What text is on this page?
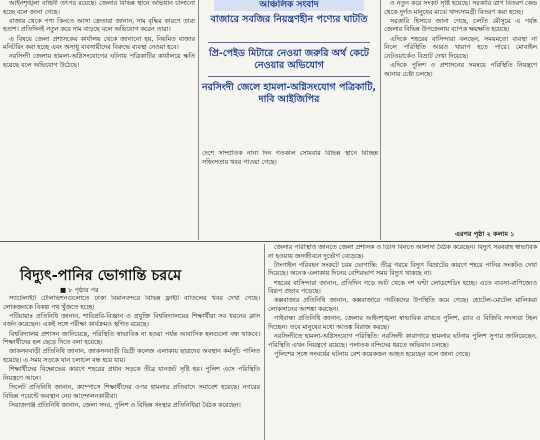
আইনশৃঙ্খলা বাহিনী তৎপর রয়েছে। জেলার বিভিন্ন স্থানে অভিযান চালানো হচ্ছে বলে জানা গেছে।

বাজার থেকে পণ্য কিনতে আসা ক্রেতারা জানান, দাম বৃদ্ধির কারণে তারা হতাশ। প্রতিদিনই নতুন করে দাম বাড়ছে বলে অভিযোগ করেন তারা।

এ বিষয়ে জেলা প্রশাসকের কার্যালয় থেকে জানানো হয়, নিয়মিত বাজার মনিটরিং করা হচ্ছে এবং অসাধু ব্যবসায়ীদের বিরুদ্ধে ব্যবস্থা নেওয়া হবে।

নরসিংদী জেলায় হামলা-অগ্নিসংযোগের ঘটনায় পত্রিকাটির কার্যালয়ে ক্ষতি হয়েছে বলে অভিযোগ উঠেছে।

আঞ্চলিক সংবাদ
বাজারে সবজির নিয়ন্ত্রণহীন পণ্যের ঘাটতি
প্রি-পেইড মিটারে নেওয়া জরুরি অর্থ কেটে নেওয়ার অভিযোগ
নরসিংদী জেলে হামলা-অগ্নিসংযোগ পত্রিকাটি, দাবি আইজিপির

দেশে সাম্প্রতিক নানা দিন গতকাল সোমবার বিভিন্ন স্থানে বিচ্ছিন্ন সহিংসতার খবর পাওয়া গেছে।

ও নতুন করে সংকট সৃষ্টি হয়েছে। সরকারি ত্রাণ বিতরণ কেন্দ্র থেকে দুর্গত মানুষের মাঝে খাদ্যসামগ্রী বিতরণ করা হচ্ছে।

সরকারি হিসাবে জানা গেছে, চলতি মৌসুমে এ পর্যন্ত জেলার বিভিন্ন উপজেলায় ব্যাপক ক্ষয়ক্ষতি হয়েছে।

এদিকে শহরের বাসিন্দারা বলছেন, সময়মতো ব্যবস্থা না নিলে পরিস্থিতি আরও খারাপ হতে পারে। মোবাইল নেটওয়ার্কেও বিভ্রাট দেখা দিয়েছে।

এদিকে পুলিশ ও প্রশাসনের সমন্বয়ে পরিস্থিতি নিয়ন্ত্রণে আনার চেষ্টা চলছে।

এরপর পৃষ্ঠা ২ কলাম ১
বিদ্যুৎ-পানির ভোগান্তি চরমে
■ ৮ পৃষ্ঠার পর

স্যাটেলাইট টেলিভিশনগুলোতে ঢাকা বিমানবন্দরে বিভিন্ন ফ্লাইট বাতিলের খবর দেখা গেছে। লোকজনকে বিকল্প পথ খুঁজতে হচ্ছে।

পটিয়ায়াঃ প্রতিনিধি জানান, শাবিপ্রবি-বিজ্ঞান ও প্রযুক্তি বিশ্ববিদ্যালয়ের শিক্ষার্থীরা সব ধরনের ক্লাস বর্জন করেছেন। একই সঙ্গে পরীক্ষা কার্যক্রমও স্থগিত রয়েছে।

বিশ্ববিদ্যালয় প্রশাসন জানিয়েছে, পরিস্থিতি স্বাভাবিক না হওয়া পর্যন্ত আবাসিক হলগুলো বন্ধ থাকবে। শিক্ষার্থীদের হল ছেড়ে দিতে বলা হয়েছে।

জাকসনবাড়ী প্রতিনিধি জানান, জাকসনবাড়ী ডিগ্রী কলেজ এলাকায় ছাত্রদের অবস্থান কর্মসূচি পালিত হয়েছে। এ সময় সড়কে যান চলাচল বন্ধ হয়ে যায়।

শিক্ষার্থীদের বিক্ষোভের কারণে শহরের প্রধান সড়কে তীব্র যানজট সৃষ্টি হয়। পুলিশ এসে পরিস্থিতি নিয়ন্ত্রণে আনে।

সিলেট প্রতিনিধি জানান, ক্যাম্পাসে শিক্ষার্থীদের ওপর হামলার প্রতিবাদে সমাবেশ হয়েছে। নগরের বিভিন্ন পয়েন্টে অবস্থান নেয় আন্দোলনকারীরা।

সিরাজগঞ্জ প্রতিনিধি জানান, জেলা সদর, পুলিশ ও বিভিন্ন সংস্থার প্রতিনিধিরা বৈঠক করেছেন।

জেলার পরিস্থিতি জানতে জেলা প্রশাসক ও ডিসি বিনতে আলাদা বৈঠক করেছেন। বিদ্যুৎ সরবরাহ স্বাভাবিক না হওয়ায় জনজীবনে দুর্ভোগ বেড়েছে।

টাংগাইল পরিবহন সংকটে চরম ভোগান্তি: তীব্র গরমে বিদ্যুৎ বিভ্রাটের কারণে শহরে পানির সংকটও দেখা দিয়েছে। অনেক এলাকায় দিনের বেশিরভাগ সময় বিদ্যুৎ থাকছে না।

শহরের বাসিন্দারা জানান, প্রতিদিন গড়ে আট থেকে দশ ঘণ্টা লোডশেডিং হচ্ছে। এতে ব্যবসা-বাণিজ্যেও বিরূপ প্রভাব পড়েছে।

কক্সবাজার প্রতিনিধি জানান, কক্সবাজারে পর্যটকদের উপস্থিতি কমে গেছে। হোটেল-মোটেল মালিকরা লোকসানের আশঙ্কা করছেন।

গাইবান্ধা প্রতিনিধি জানান, জেলার আইনশৃঙ্খলা স্বাভাবিক রাখতে পুলিশ, র‍্যাব ও বিজিবি সদস্যরা টহল দিচ্ছেন। তবে মানুষের মধ্যে আতঙ্ক বিরাজ করছে।

নরসিংদীতে হামলা-অগ্নিসংযোগ পরিস্থিতি: নরসিংদী কারাগারে হামলার ঘটনায় পুলিশ সুপার জানিয়েছেন, পরিস্থিতি এখন নিয়ন্ত্রণে রয়েছে। পলাতক বন্দিদের ধরতে অভিযান চলছে।

পুলিশের সঙ্গে সংঘর্ষের ঘটনায় বেশ কয়েকজন আহত হয়েছেন বলে জানা গেছে।
